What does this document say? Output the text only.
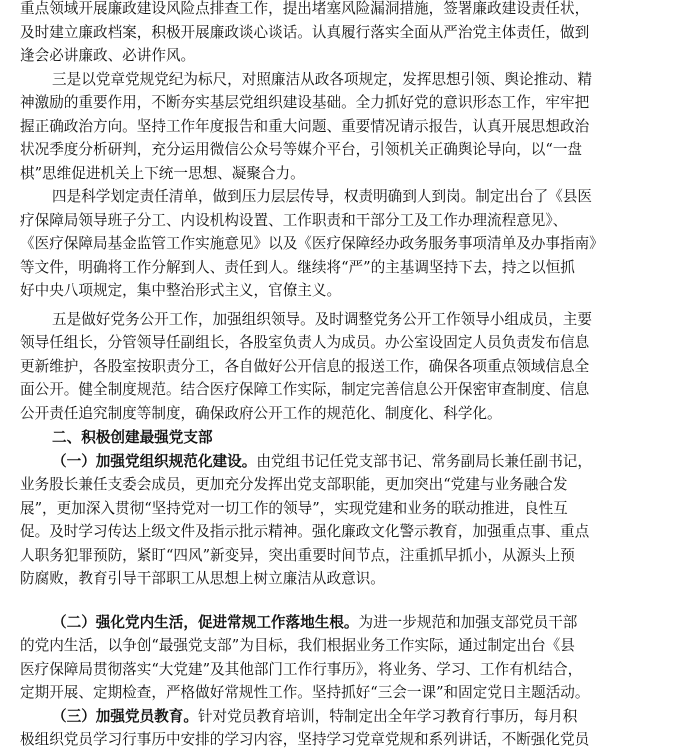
重点领域开展廉政建设风险点排查工作，提出堵塞风险漏洞措施，签署廉政建设责任状，
及时建立廉政档案，积极开展廉政谈心谈话。认真履行落实全面从严治党主体责任，做到
逢会必讲廉政、必讲作风。
三是以党章党规党纪为标尺，对照廉洁从政各项规定，发挥思想引领、舆论推动、精
神激励的重要作用，不断夯实基层党组织建设基础。全力抓好党的意识形态工作，牢牢把
握正确政治方向。坚持工作年度报告和重大问题、重要情况请示报告，认真开展思想政治
状况季度分析研判，充分运用微信公众号等媒介平台，引领机关正确舆论导向，以“一盘
棋”思维促进机关上下统一思想、凝聚合力。
四是科学划定责任清单，做到压力层层传导，权责明确到人到岗。制定出台了《县医
疗保障局领导班子分工、内设机构设置、工作职责和干部分工及工作办理流程意见》、
《医疗保障局基金监管工作实施意见》以及《医疗保障经办政务服务事项清单及办事指南》
等文件，明确将工作分解到人、责任到人。继续将“严”的主基调坚持下去，持之以恒抓
好中央八项规定，集中整治形式主义，官僚主义。
五是做好党务公开工作，加强组织领导。及时调整党务公开工作领导小组成员，主要
领导任组长，分管领导任副组长，各股室负责人为成员。办公室设固定人员负责发布信息
更新维护，各股室按职责分工，各自做好公开信息的报送工作，确保各项重点领域信息全
面公开。健全制度规范。结合医疗保障工作实际，制定完善信息公开保密审查制度、信息
公开责任追究制度等制度，确保政府公开工作的规范化、制度化、科学化。
二、积极创建最强党支部
（一）加强党组织规范化建设。由党组书记任党支部书记、常务副局长兼任副书记，
业务股长兼任支委会成员，更加充分发挥出党支部职能，更加突出“党建与业务融合发
展”，更加深入贯彻“坚持党对一切工作的领导”，实现党建和业务的联动推进，良性互
促。及时学习传达上级文件及指示批示精神。强化廉政文化警示教育，加强重点事、重点
人职务犯罪预防，紧盯“四风”新变异，突出重要时间节点，注重抓早抓小，从源头上预
防腐败，教育引导干部职工从思想上树立廉洁从政意识。
（二）强化党内生活，促进常规工作落地生根。为进一步规范和加强支部党员干部
的党内生活，以争创“最强党支部”为目标，我们根据业务工作实际，通过制定出台《县
医疗保障局贯彻落实“大党建”及其他部门工作行事历》，将业务、学习、工作有机结合，
定期开展、定期检查，严格做好常规性工作。坚持抓好“三会一课”和固定党日主题活动。
（三）加强党员教育。针对党员教育培训，特制定出全年学习教育行事历，每月积
极组织党员学习行事历中安排的学习内容，坚持学习党章党规和系列讲话，不断强化党员
